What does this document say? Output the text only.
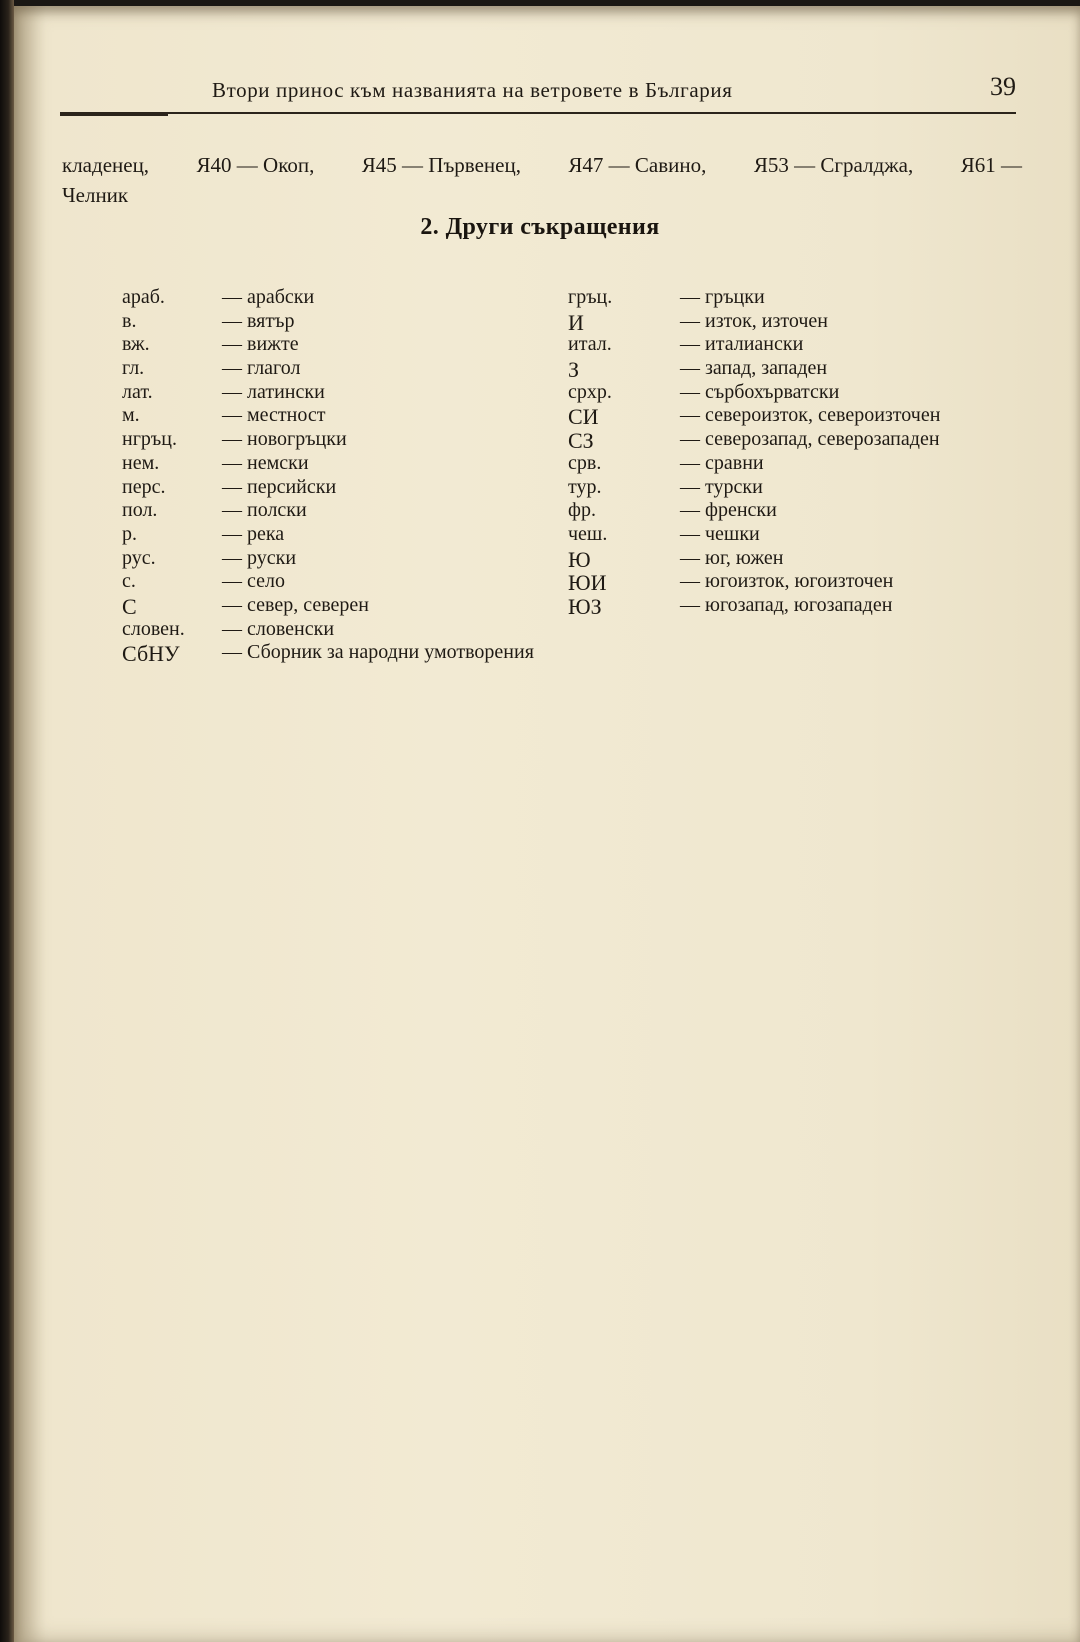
Втори принос към названията на ветровете в България	39
кладенец, Я40 — Окоп, Я45 — Първенец, Я47 — Савино, Я53 — Сгралджа, Я61 —
Челник
2. Други съкращения
араб.	— арабски
в.	— вятър
вж.	— вижте
гл.	— глагол
лат.	— латински
м.	— местност
нгръц. — новогръцки
нем.	— немски
перс.	— персийски
пол.	— полски
р.	— река
рус.	— руски
с.	— село
С	— север, северен
словен. — словенски
СбНУ — Сборник за народни умотворения
гръц.	— гръцки
И	— изток, източен
итал.	— италиански
З	— запад, западен
срхр.	— сърбохърватски
СИ	— североизток, североизточен
СЗ	— северозапад, северозападен
срв.	— сравни
тур.	— турски
фр.	— френски
чеш.	— чешки
Ю	— юг, южен
ЮИ	— югоизток, югоизточен
ЮЗ	— югозапад, югозападен
